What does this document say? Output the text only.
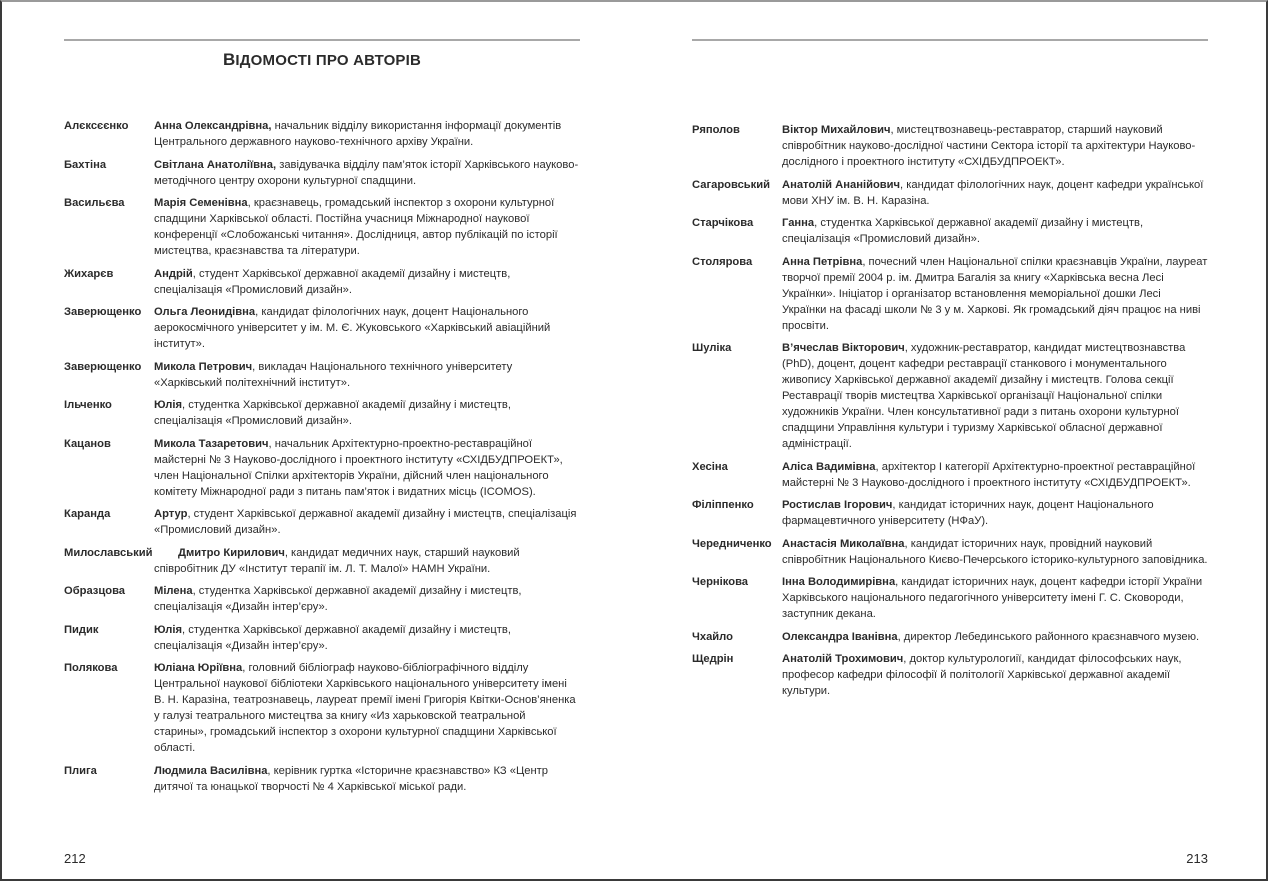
ВІДОМОСТІ ПРО АВТОРІВ
Алєксєєнко	Анна Олександрівна, начальник відділу використання інформації документів Центрального державного науково-технічного архіву України.
Бахтіна	Світлана Анатоліївна, завідувачка відділу пам’яток історії Харківського науково-методічного центру охорони культурної спадщини.
Васильєва	Марія Семенівна, краєзнавець, громадський інспектор з охорони культурної спадщини Харківської області. Постійна учасниця Міжнародної наукової конференції «Слобожанські читання». Дослідниця, автор публікацій по історії мистецтва, краєзнавства та літератури.
Жихарєв	Андрій, студент Харківської державної академії дизайну і мистецтв, спеціалізація «Промисловий дизайн».
Заверющенко	Ольга Леонидівна, кандидат філологічних наук, доцент Національного аерокосмічного університет у ім. М. Є. Жуковського «Харківський авіаційний інститут».
Заверющенко	Микола Петрович, викладач Національного технічного університету «Харківський політехнічний інститут».
Ільченко	Юлія, студентка Харківської державної академії дизайну і мистецтв, спеціалізація «Промисловий дизайн».
Кацанов	Микола Тазаретович, начальник Архітектурно-проектно-реставраційної майстерні № 3 Науково-дослідного і проектного інституту «СХІДБУДПРОЕКТ», член Національної Спілки архітекторів України, дійсний член національного комітету Міжнародної ради з питань пам’яток і видатних місць (ICOMOS).
Каранда	Артур, студент Харківської державної академії дизайну і мистецтв, спеціалізація «Промисловий дизайн».
Милославський	Дмитро Кирилович, кандидат медичних наук, старший науковий співробітник ДУ «Інститут терапії ім. Л. Т. Малої» НАМН України.
Образцова	Мілена, студентка Харківської державної академії дизайну і мистецтв, спеціалізація «Дизайн інтер’єру».
Пидик	Юлія, студентка Харківської державної академії дизайну і мистецтв, спеціалізація «Дизайн інтер’єру».
Полякова	Юліана Юріївна, головний бібліограф науково-бібліографічного відділу Центральної наукової бібліотеки Харківського національного університету імені В. Н. Каразіна, театрознавець, лауреат премії імені Григорія Квітки-Основ’яненка у галузі театрального мистецтва за книгу «Из харьковской театральной старины», громадський інспектор з охорони культурної спадщини Харківської області.
Плига	Людмила Василівна, керівник гуртка «Історичне краєзнавство» КЗ «Центр дитячої та юнацької творчості № 4 Харківської міської ради.
212
Ряполов	Віктор Михайлович, мистецтвознавець-реставратор, старший науковий співробітник науково-дослідної частини Сектора історії та архітектури Науково-дослідного і проектного інституту «СХІДБУДПРОЕКТ».
Сагаровський	Анатолій Ананійович, кандидат філологічних наук, доцент кафедри української мови ХНУ ім. В. Н. Каразіна.
Старчікова	Ганна, студентка Харківської державної академії дизайну і мистецтв, спеціалізація «Промисловий дизайн».
Столярова	Анна Петрівна, почесний член Національної спілки краєзнавців України, лауреат творчої премії 2004 р. ім. Дмитра Багалія за книгу «Харківська весна Лесі Українки». Ініціатор і організатор встановлення меморіальної дошки Лесі Українки на фасаді школи № 3 у м. Харкові. Як громадський діяч працює на ниві просвіти.
Шуліка	В’ячеслав Вікторович, художник-реставратор, кандидат мистецтвознавства (PhD), доцент, доцент кафедри реставрації станкового і монументального живопису Харківської державної академії дизайну і мистецтв. Голова секції Реставрації творів мистецтва Харківської організації Національної спілки художників України. Член консультативної ради з питань охорони культурної спадщини Управління культури і туризму Харківської обласної державної адміністрації.
Хесіна	Аліса Вадимівна, архітектор І категорії Архітектурно-проектної реставраційної майстерні № 3 Науково-дослідного і проектного інституту «СХІДБУДПРОЕКТ».
Філіппенко	Ростислав Ігорович, кандидат історичних наук, доцент Національного фармацевтичного університету (НФаУ).
Чередниченко Анастасія Миколаївна, кандидат історичних наук, провідний науковий співробітник Національного Києво-Печерського історико-культурного заповідника.
Чернікова	Інна Володимирівна, кандидат історичних наук, доцент кафедри історії України Харківського національного педагогічного університету імені Г. С. Сковороди, заступник декана.
Чхайло	Олександра Іванівна, директор Лебединського районного краєзнавчого музею.
Щедрін	Анатолій Трохимович, доктор культурологиії, кандидат філософських наук, професор кафедри філософії й політології Харківської державної академії культури.
213
